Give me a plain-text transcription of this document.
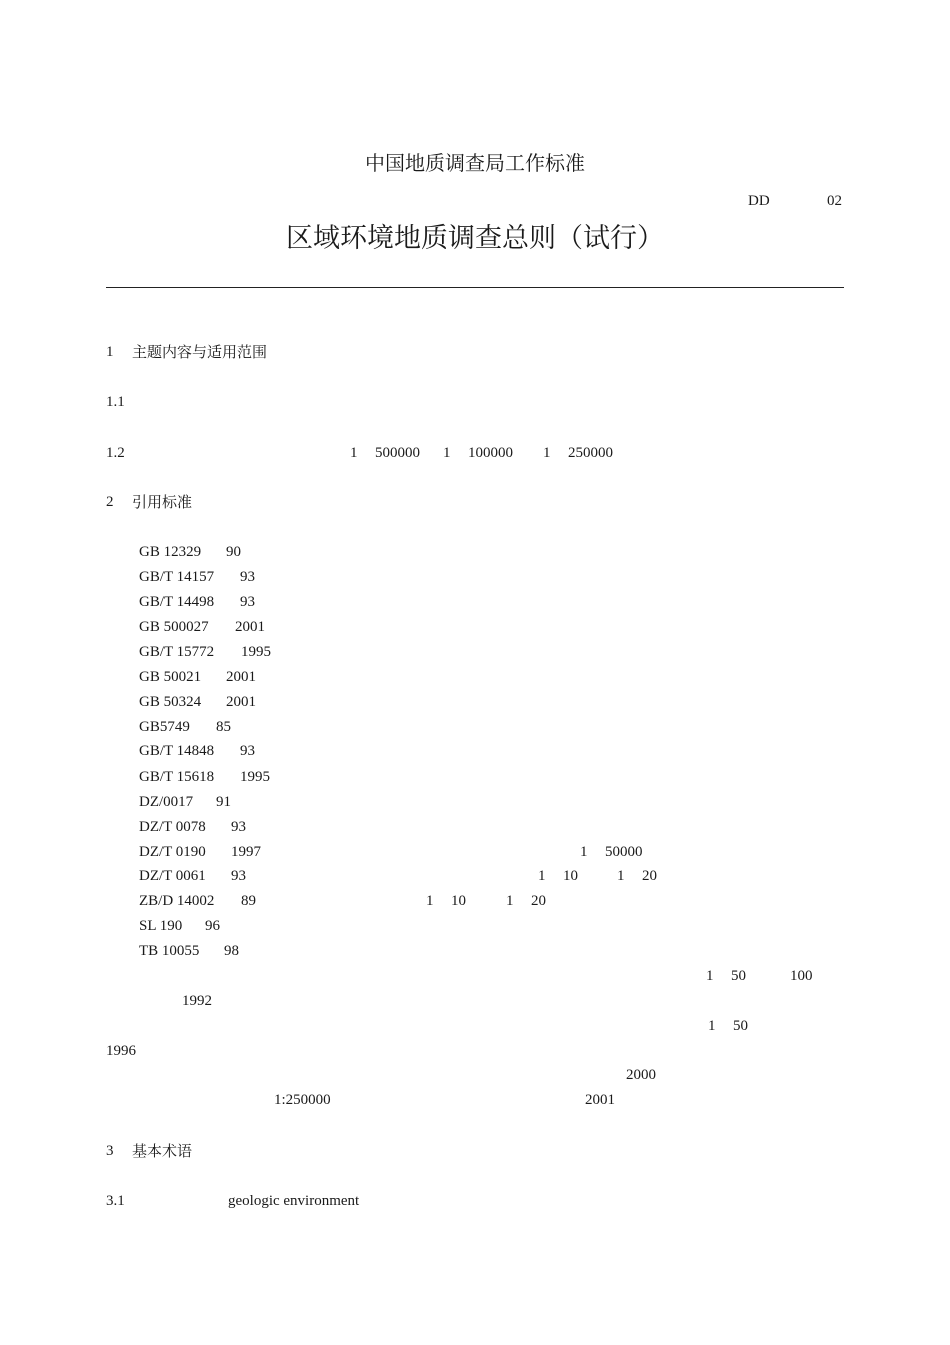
中国地质调查局工作标准
DD	02
区域环境地质调查总则（试行）
1 主题内容与适用范围
1.1
1.2	1 500000 1 100000 1 250000
2 引用标准
GB 12329 90
GB/T 14157 93
GB/T 14498 93
GB 500027 2001
GB/T 15772 1995
GB 50021 2001
GB 50324 2001
GB5749 85
GB/T 14848 93
GB/T 15618 1995
DZ/0017 91
DZ/T 0078 93
DZ/T 0190 1997	1 50000
DZ/T 0061 93	1 10	1 20
ZB/D 14002 89	1 10	1 20
SL 190 96
TB 10055 98
1 50	100
1992
1 50
1996
2000
1:250000	2001
3 基本术语
3.1	geologic environment
